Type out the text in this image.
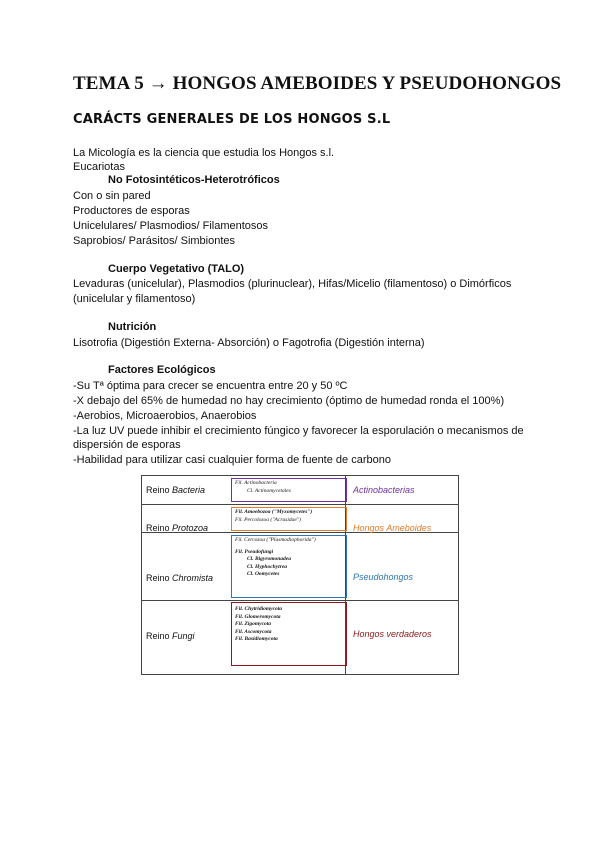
TEMA 5 → HONGOS AMEBOIDES Y PSEUDOHONGOS
CARÁCTS GENERALES DE LOS HONGOS S.L
La Micología es la ciencia que estudia los Hongos s.l.
Eucariotas
No Fotosintéticos-Heterotróficos
Con o sin pared
Productores de esporas
Unicelulares/ Plasmodios/ Filamentosos
Saprobios/ Parásitos/ Simbiontes
Cuerpo Vegetativo (TALO)
Levaduras (unicelular), Plasmodios (plurinuclear), Hifas/Micelio (filamentoso) o Dimórficos
(unicelular y filamentoso)
Nutrición
Lisotrofia (Digestión Externa- Absorción) o Fagotrofia (Digestión interna)
Factores Ecológicos
-Su Tª óptima para crecer se encuentra entre 20 y 50 ºC
-X debajo del 65% de humedad no hay crecimiento (óptimo de humedad ronda el 100%)
-Aerobios, Microaerobios, Anaerobios
-La luz UV puede inhibir el crecimiento fúngico y favorecer la esporulación o mecanismos de
dispersión de esporas
-Habilidad para utilizar casi cualquier forma de fuente de carbono
Reino Bacteria
Reino Protozoa
Reino Chromista
Reino Fungi
Fil. Actinobacteria
Cl. Actinomycetales
Fil. Amoebozoa ("Myxomycetes")
Fil. Percolozoa ("Acrasidae")
Fil. Cercozoa ("Plasmodiophorida")
Fil. Pseudofungi
Cl. Bigyromonadea
Cl. Hyphochytrea
Cl. Oomycetes
Fil. Chytridiomycota
Fil. Glomeromycota
Fil. Zigomycota
Fil. Ascomycota
Fil. Basidiomycota
Actinobacterias
Hongos Ameboides
Pseudohongos
Hongos verdaderos
